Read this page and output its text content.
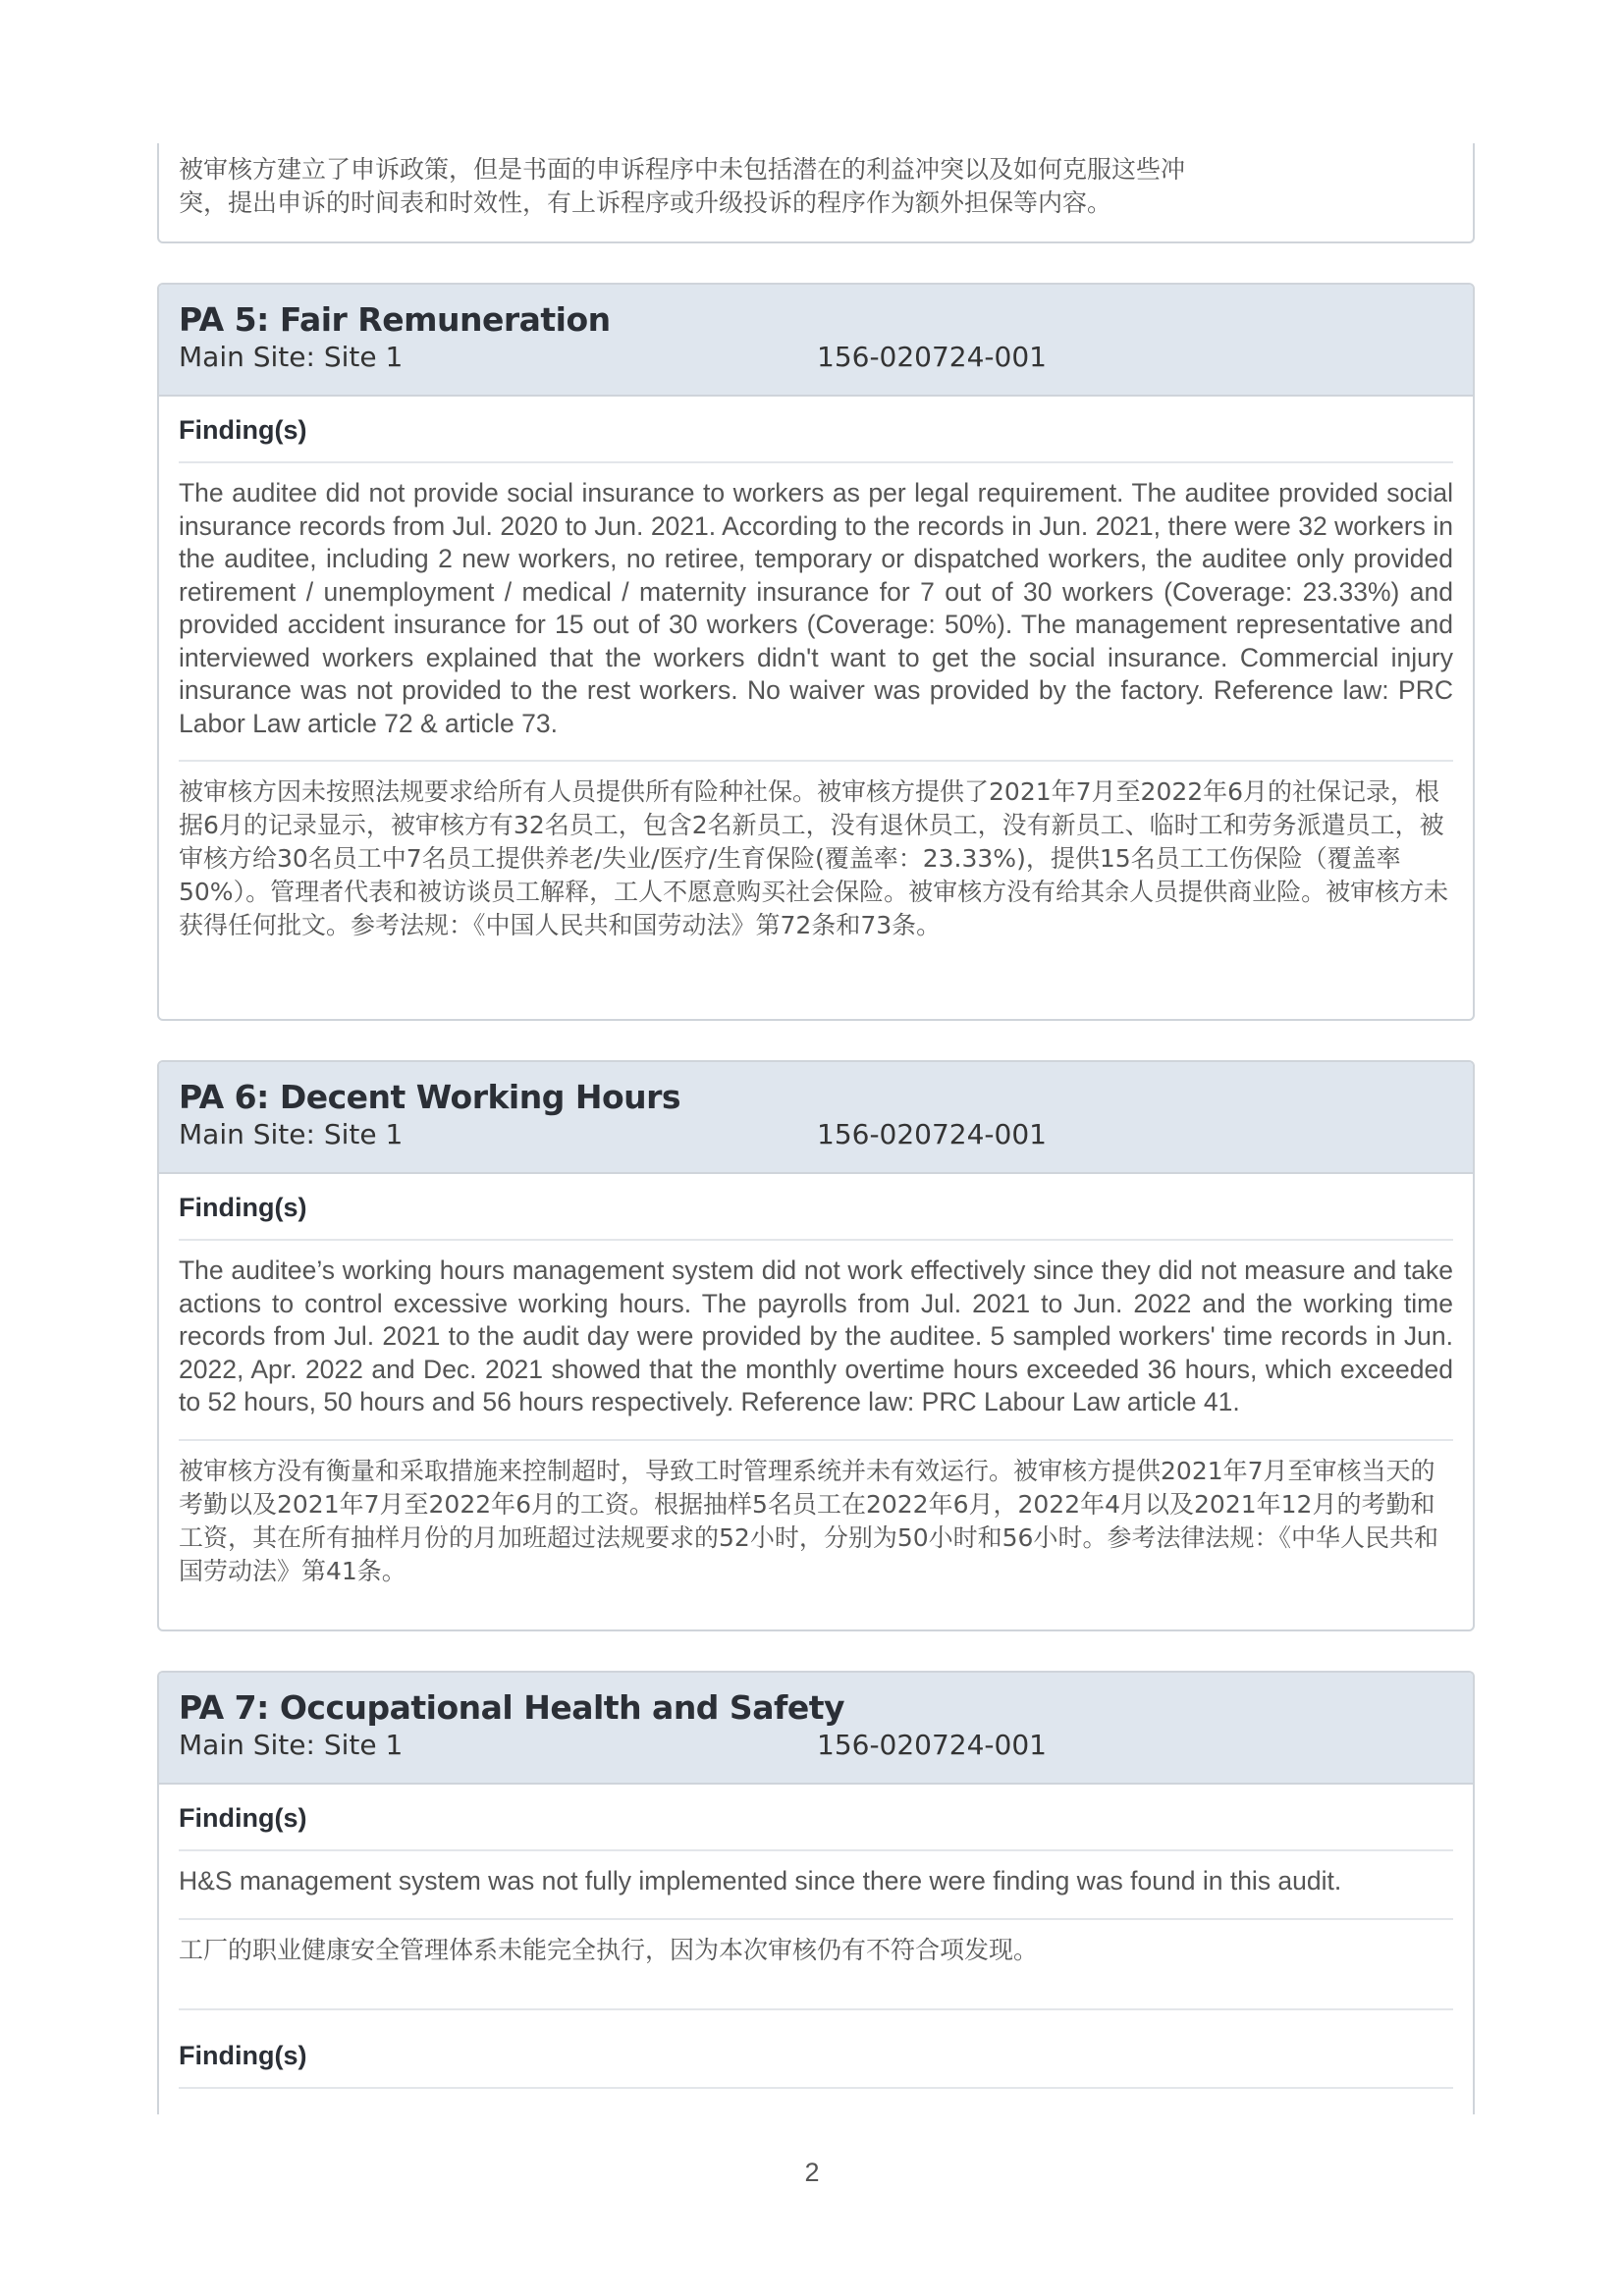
被审核方建立了申诉政策，但是书面的申诉程序中未包括潜在的利益冲突以及如何克服这些冲突，提出申诉的时间表和时效性，有上诉程序或升级投诉的程序作为额外担保等内容。
PA 5: Fair Remuneration
Main Site: Site 1	156-020724-001
Finding(s)
The auditee did not provide social insurance to workers as per legal requirement. The auditee provided social insurance records from Jul. 2020 to Jun. 2021. According to the records in Jun. 2021, there were 32 workers in the auditee, including 2 new workers, no retiree, temporary or dispatched workers, the auditee only provided retirement / unemployment / medical / maternity insurance for 7 out of 30 workers (Coverage: 23.33%) and provided accident insurance for 15 out of 30 workers (Coverage: 50%). The management representative and interviewed workers explained that the workers didn't want to get the social insurance. Commercial injury insurance was not provided to the rest workers. No waiver was provided by the factory. Reference law: PRC Labor Law article 72 & article 73.
被审核方因未按照法规要求给所有人员提供所有险种社保。被审核方提供了2021年7月至2022年6月的社保记录，根据6月的记录显示，被审核方有32名员工，包含2名新员工，没有退休员工，没有新员工、临时工和劳务派遣员工，被审核方给30名员工中7名员工提供养老/失业/医疗/生育保险(覆盖率：23.33%)，提供15名员工工伤保险（覆盖率50%）。管理者代表和被访谈员工解释，工人不愿意购买社会保险。被审核方没有给其余人员提供商业险。被审核方未获得任何批文。参考法规：《中国人民共和国劳动法》第72条和73条。
PA 6: Decent Working Hours
Main Site: Site 1	156-020724-001
Finding(s)
The auditee’s working hours management system did not work effectively since they did not measure and take actions to control excessive working hours. The payrolls from Jul. 2021 to Jun. 2022 and the working time records from Jul. 2021 to the audit day were provided by the auditee. 5 sampled workers' time records in Jun. 2022, Apr. 2022 and Dec. 2021 showed that the monthly overtime hours exceeded 36 hours, which exceeded to 52 hours, 50 hours and 56 hours respectively. Reference law: PRC Labour Law article 41.
被审核方没有衡量和采取措施来控制超时，导致工时管理系统并未有效运行。被审核方提供2021年7月至审核当天的考勤以及2021年7月至2022年6月的工资。根据抽样5名员工在2022年6月，2022年4月以及2021年12月的考勤和工资，其在所有抽样月份的月加班超过法规要求的52小时，分别为50小时和56小时。参考法律法规：《中华人民共和国劳动法》第41条。
PA 7: Occupational Health and Safety
Main Site: Site 1	156-020724-001
Finding(s)
H&S management system was not fully implemented since there were finding was found in this audit.
工厂的职业健康安全管理体系未能完全执行，因为本次审核仍有不符合项发现。
Finding(s)
2
